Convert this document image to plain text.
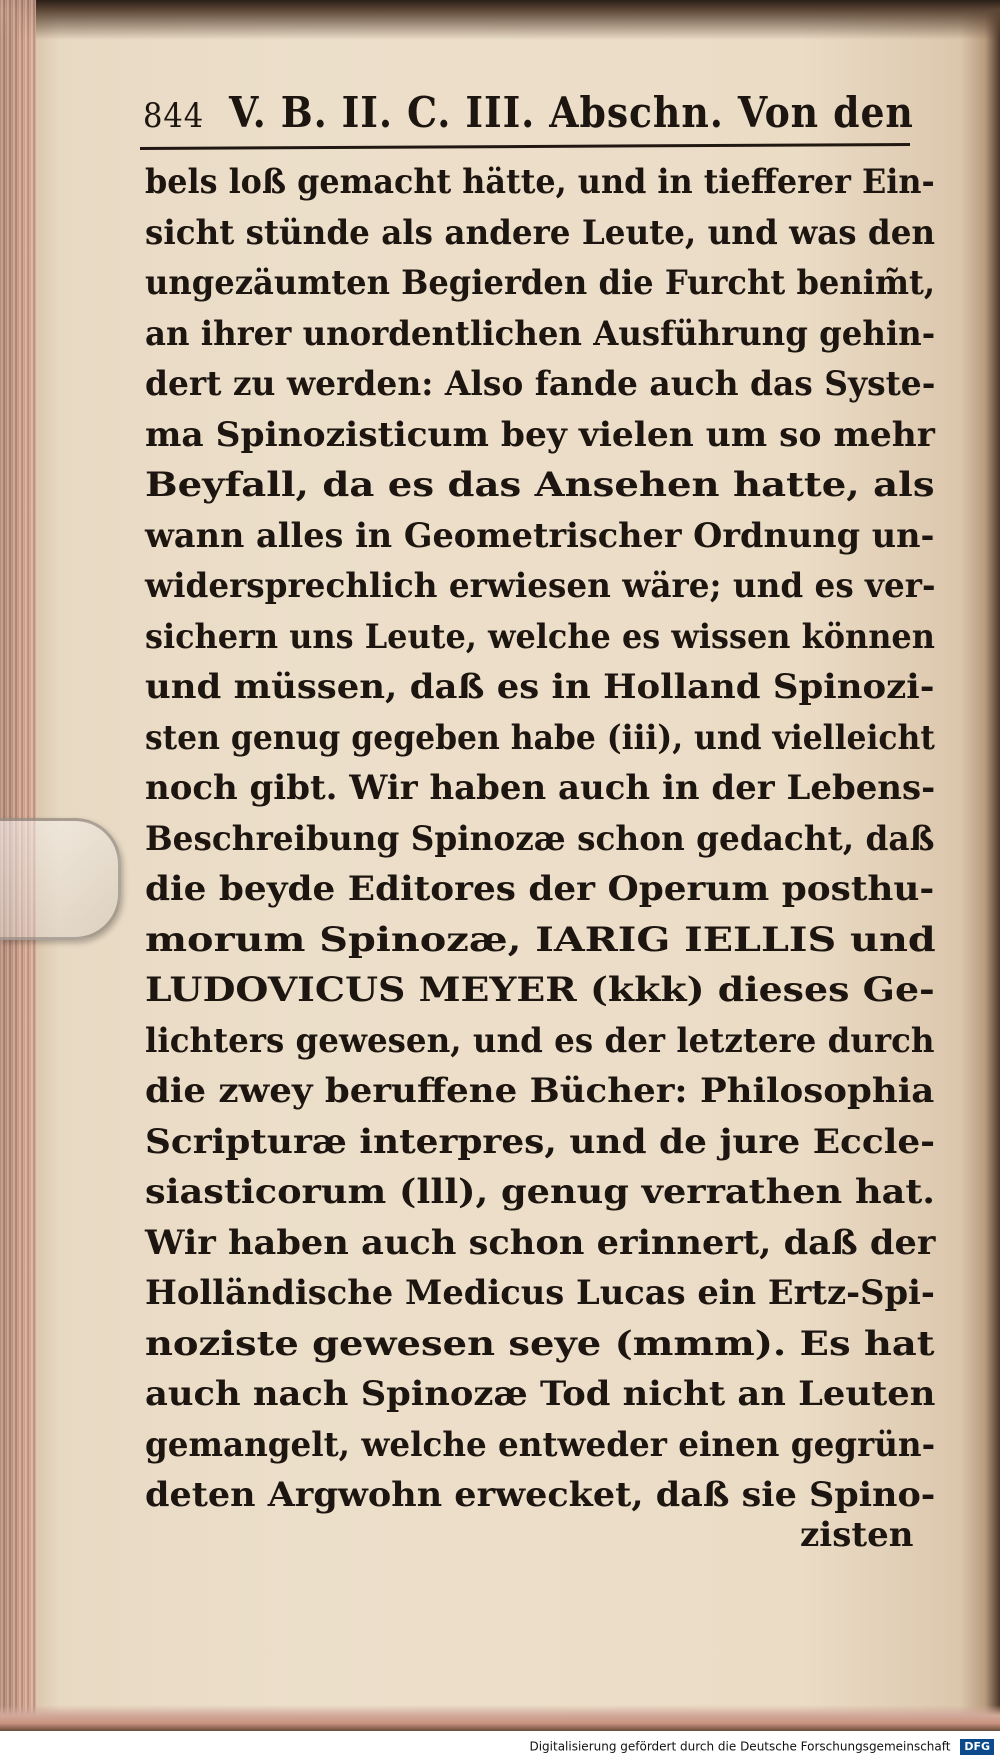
844 V. B. II. C. III. Abschn. Von den
bels loß gemacht hätte, und in tiefferer Ein-
sicht stünde als andere Leute, und was den
ungezäumten Begierden die Furcht benim̃t,
an ihrer unordentlichen Ausführung gehin-
dert zu werden: Also fande auch das Syste-
ma Spinozisticum bey vielen um so mehr
Beyfall, da es das Ansehen hatte, als
wann alles in Geometrischer Ordnung un-
widersprechlich erwiesen wäre; und es ver-
sichern uns Leute, welche es wissen können
und müssen, daß es in Holland Spinozi-
sten genug gegeben habe (iii), und vielleicht
noch gibt. Wir haben auch in der Lebens-
Beschreibung Spinozæ schon gedacht, daß
die beyde Editores der Operum posthu-
morum Spinozæ, IARIG IELLIS und
LUDOVICUS MEYER (kkk) dieses Ge-
lichters gewesen, und es der letztere durch
die zwey beruffene Bücher: Philosophia
Scripturæ interpres, und de jure Eccle-
siasticorum (lll), genug verrathen hat.
Wir haben auch schon erinnert, daß der
Holländische Medicus Lucas ein Ertz-Spi-
noziste gewesen seye (mmm). Es hat
auch nach Spinozæ Tod nicht an Leuten
gemangelt, welche entweder einen gegrün-
deten Argwohn erwecket, daß sie Spino-
zisten
Digitalisierung gefördert durch die Deutsche Forschungsgemeinschaft DFG
